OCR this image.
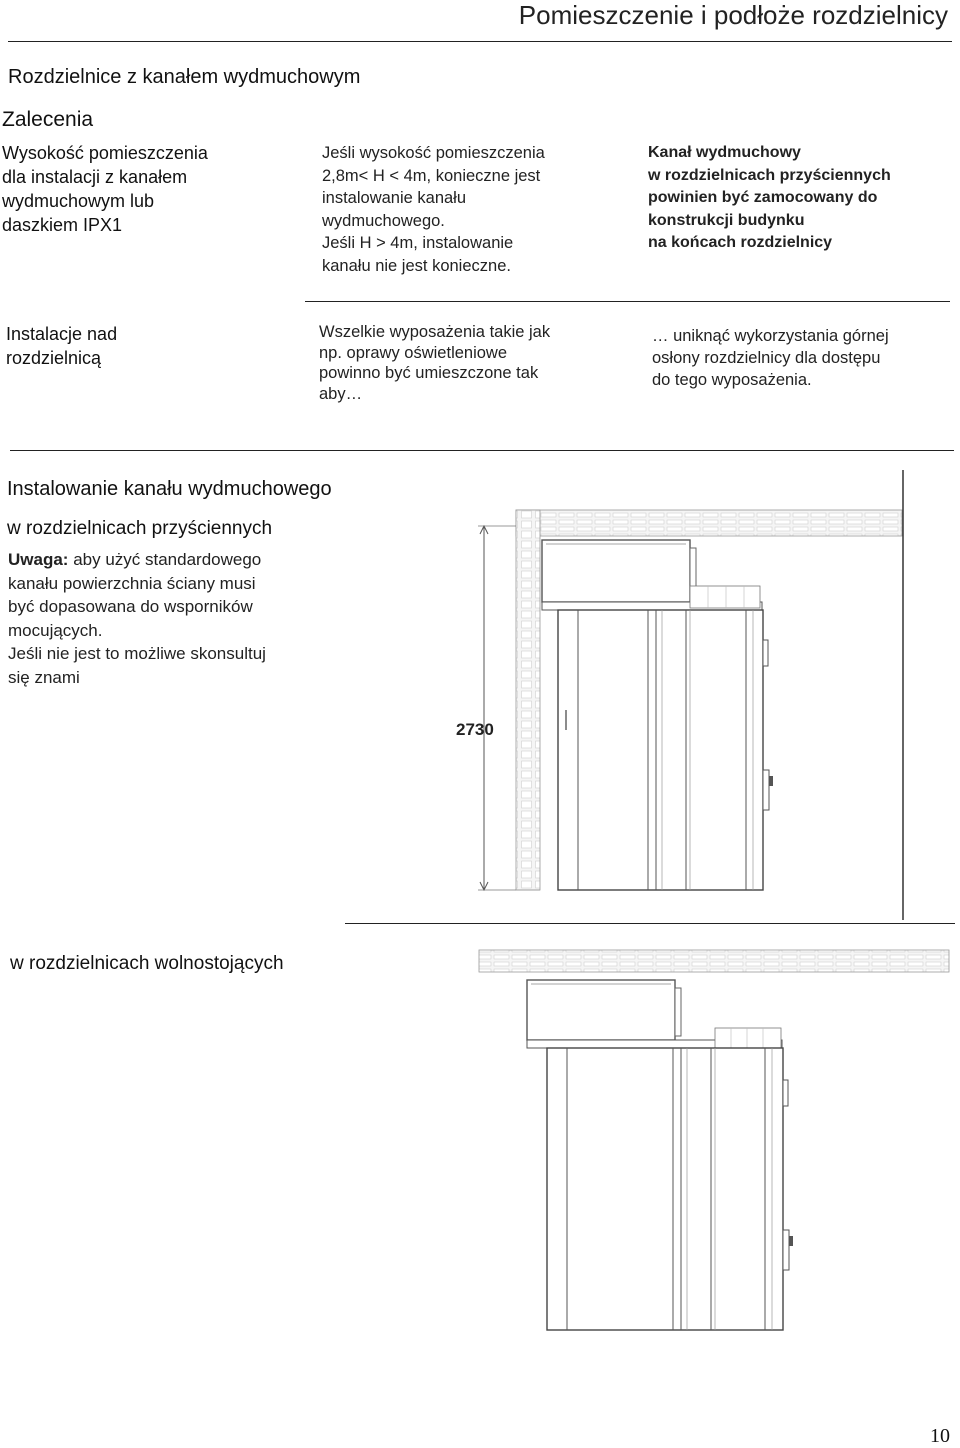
Pomieszczenie i podłoże rozdzielnicy
Rozdzielnice z kanałem wydmuchowym
Zalecenia
Wysokość pomieszczenia
dla instalacji z kanałem
wydmuchowym lub
daszkiem IPX1
Jeśli wysokość pomieszczenia
2,8m< H < 4m, konieczne jest
instalowanie kanału
wydmuchowego.
Jeśli H > 4m, instalowanie
kanału nie jest konieczne.
Kanał wydmuchowy
w rozdzielnicach przyściennych
powinien być zamocowany do
konstrukcji budynku
na końcach rozdzielnicy
Instalacje nad
rozdzielnicą
Wszelkie wyposażenia takie jak
np. oprawy oświetleniowe
powinno być umieszczone tak
aby…
… uniknąć wykorzystania górnej
osłony rozdzielnicy dla dostępu
do tego wyposażenia.
Instalowanie kanału wydmuchowego
w rozdzielnicach przyściennych
Uwaga: aby użyć standardowego
kanału powierzchnia ściany musi
być dopasowana do wsporników
mocujących.
Jeśli nie jest to możliwe skonsultuj
się znami
2730
w rozdzielnicach wolnostojących
10
